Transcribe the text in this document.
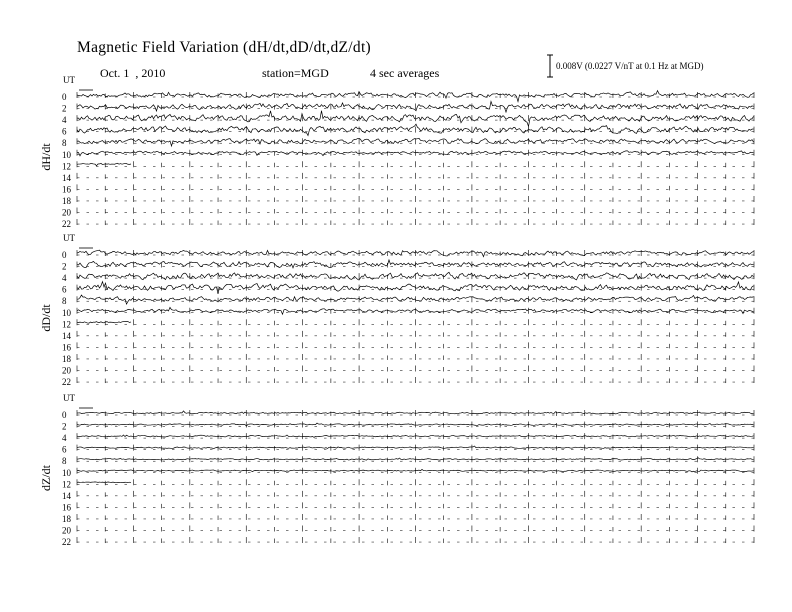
Magnetic Field Variation (dH/dt,dD/dt,dZ/dt)
Oct. 1  , 2010	station=MGD	4 sec averages	0.008V (0.0227 V/nT at 0.1 Hz at MGD)
UT
dH/dt
0
2
4
6
8
10
12
14
16
18
20
22
UT
dD/dt
0
2
4
6
8
10
12
14
16
18
20
22
UT
dZ/dt
0
2
4
6
8
10
12
14
16
18
20
22
